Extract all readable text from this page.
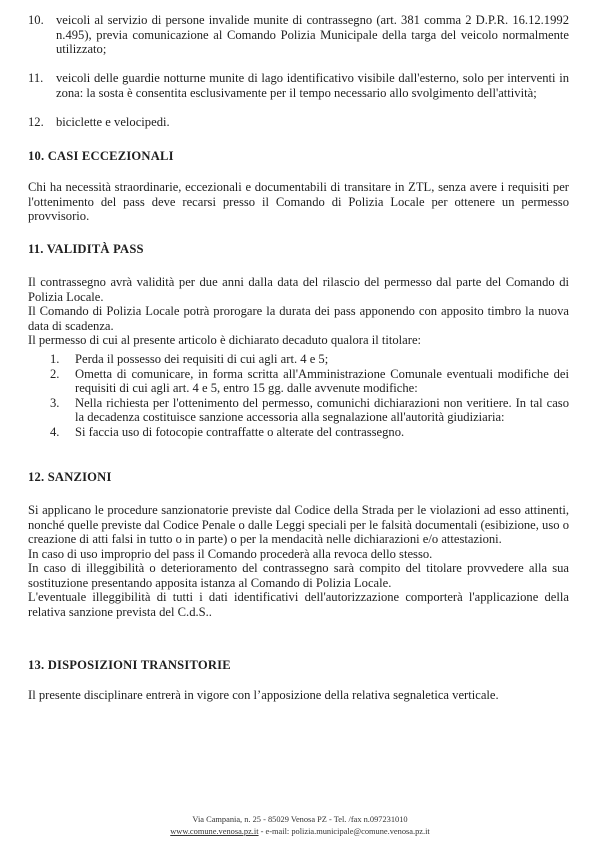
10. veicoli al servizio di persone invalide munite di contrassegno (art. 381 comma 2 D.P.R. 16.12.1992 n.495), previa comunicazione al Comando Polizia Municipale della targa del veicolo normalmente utilizzato;
11. veicoli delle guardie notturne munite di lago identificativo visibile dall'esterno, solo per interventi in zona: la sosta è consentita esclusivamente per il tempo necessario allo svolgimento dell'attività;
12. biciclette e velocipedi.
10. CASI ECCEZIONALI

Chi ha necessità straordinarie, eccezionali e documentabili di transitare in ZTL, senza avere i requisiti per l'ottenimento del pass deve recarsi presso il Comando di Polizia Locale per ottenere un permesso provvisorio.

11. VALIDITÀ PASS

Il contrassegno avrà validità per due anni dalla data del rilascio del permesso dal parte del Comando di Polizia Locale.

Il Comando di Polizia Locale potrà prorogare la durata dei pass apponendo con apposito timbro la nuova data di scadenza.

Il permesso di cui al presente articolo è dichiarato decaduto qualora il titolare:

1. Perda il possesso dei requisiti di cui agli art. 4 e 5;
2. Ometta di comunicare, in forma scritta all'Amministrazione Comunale eventuali modifiche dei requisiti di cui agli art. 4 e 5, entro 15 gg. dalle avvenute modifiche:
3. Nella richiesta per l'ottenimento del permesso, comunichi dichiarazioni non veritiere. In tal caso la decadenza costituisce sanzione accessoria alla segnalazione all'autorità giudiziaria:
4. Si faccia uso di fotocopie contraffatte o alterate del contrassegno.
12. SANZIONI

Si applicano le procedure sanzionatorie previste dal Codice della Strada per le violazioni ad esso attinenti, nonché quelle previste dal Codice Penale o dalle Leggi speciali per le falsità documentali (esibizione, uso o creazione di atti falsi in tutto o in parte) o per la mendacità nelle dichiarazioni e/o attestazioni.

In caso di uso improprio del pass il Comando procederà alla revoca dello stesso.

In caso di illeggibilità o deterioramento del contrassegno sarà compito del titolare provvedere alla sua sostituzione presentando apposita istanza al Comando di Polizia Locale.

L'eventuale illeggibilità di tutti i dati identificativi dell'autorizzazione comporterà l'applicazione della relativa sanzione prevista del C.d.S..

13. DISPOSIZIONI TRANSITORIE

Il presente disciplinare entrerà in vigore con l’apposizione della relativa segnaletica verticale.

Via Campania, n. 25 - 85029 Venosa PZ - Tel. /fax n.097231010
www.comune.venosa.pz.it - e-mail: polizia.municipale@comune.venosa.pz.it
